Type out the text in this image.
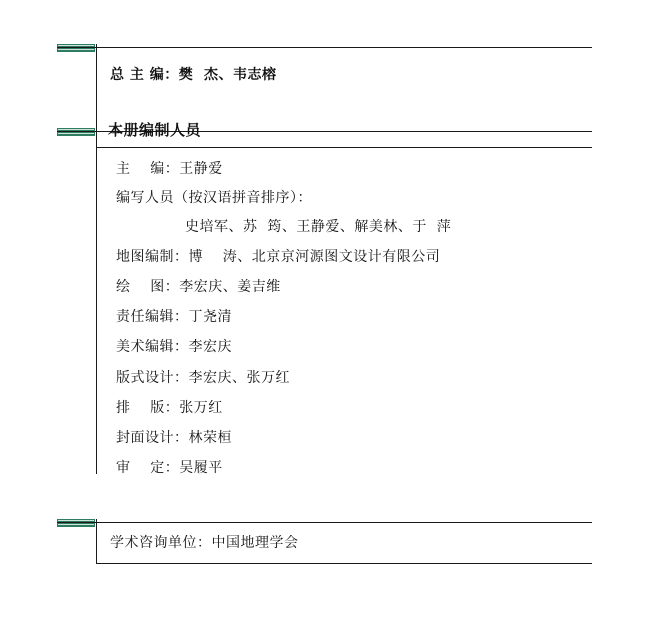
总 主 编：樊  杰、韦志榕
本册编制人员
主    编：王静爱
编写人员（按汉语拼音排序）：
史培军、苏  筠、王静爱、解美林、于  萍
地图编制：博    涛、北京京河源图文设计有限公司
绘    图：李宏庆、姜吉维
责任编辑：丁尧清
美术编辑：李宏庆
版式设计：李宏庆、张万红
排    版：张万红
封面设计：林荣桓
审    定：吴履平
学术咨询单位：中国地理学会
